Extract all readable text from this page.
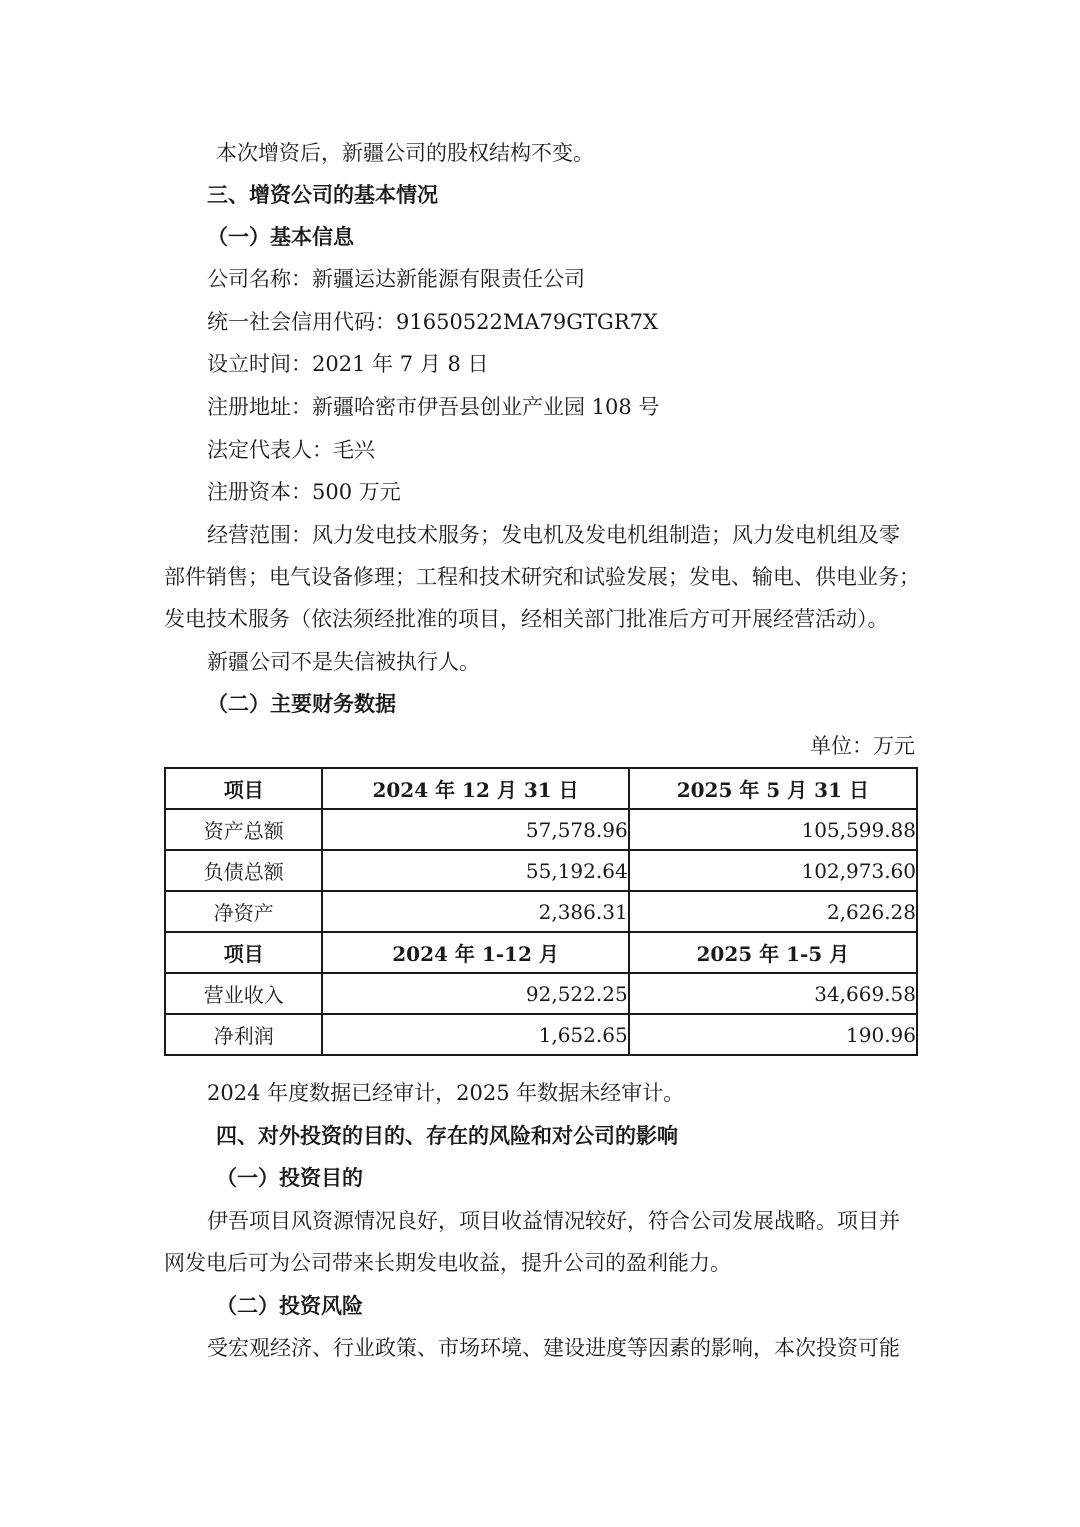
本次增资后，新疆公司的股权结构不变。
三、增资公司的基本情况
（一）基本信息
公司名称：新疆运达新能源有限责任公司
统一社会信用代码：91650522MA79GTGR7X
设立时间：2021 年 7 月 8 日
注册地址：新疆哈密市伊吾县创业产业园 108 号
法定代表人：毛兴
注册资本：500 万元
经营范围：风力发电技术服务；发电机及发电机组制造；风力发电机组及零
部件销售；电气设备修理；工程和技术研究和试验发展；发电、输电、供电业务；
发电技术服务（依法须经批准的项目，经相关部门批准后方可开展经营活动）。
新疆公司不是失信被执行人。
（二）主要财务数据
单位：万元
项目	2024 年 12 月 31 日	2025 年 5 月 31 日
资产总额	57,578.96	105,599.88
负债总额	55,192.64	102,973.60
净资产	2,386.31	2,626.28
项目	2024 年 1-12 月	2025 年 1-5 月
营业收入	92,522.25	34,669.58
净利润	1,652.65	190.96
2024 年度数据已经审计，2025 年数据未经审计。
四、对外投资的目的、存在的风险和对公司的影响
（一）投资目的
伊吾项目风资源情况良好，项目收益情况较好，符合公司发展战略。项目并
网发电后可为公司带来长期发电收益，提升公司的盈利能力。
（二）投资风险
受宏观经济、行业政策、市场环境、建设进度等因素的影响，本次投资可能
